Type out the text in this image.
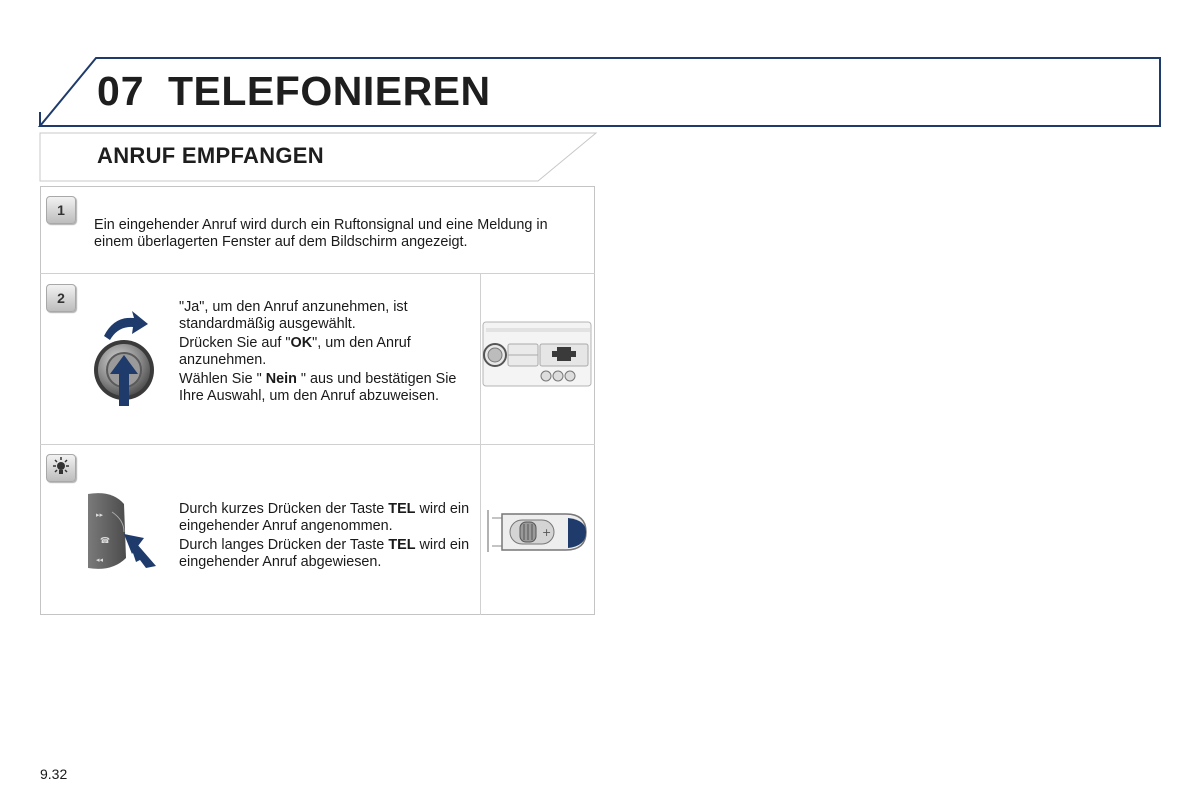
07 TELEFONIEREN
ANRUF EMPFANGEN
1
Ein eingehender Anruf wird durch ein Ruftonsignal und eine Meldung in einem überlagerten Fenster auf dem Bildschirm angezeigt.
2

"Ja", um den Anruf anzunehmen, ist standardmäßig ausgewählt.

Drücken Sie auf "OK", um den Anruf anzunehmen.

Wählen Sie " Nein " aus und bestätigen Sie Ihre Auswahl, um den Anruf abzuweisen.

▸▸
☎
◂◂

Durch kurzes Drücken der Taste TEL wird ein eingehender Anruf angenommen.

Durch langes Drücken der Taste TEL wird ein eingehender Anruf abgewiesen.

+
9.32
